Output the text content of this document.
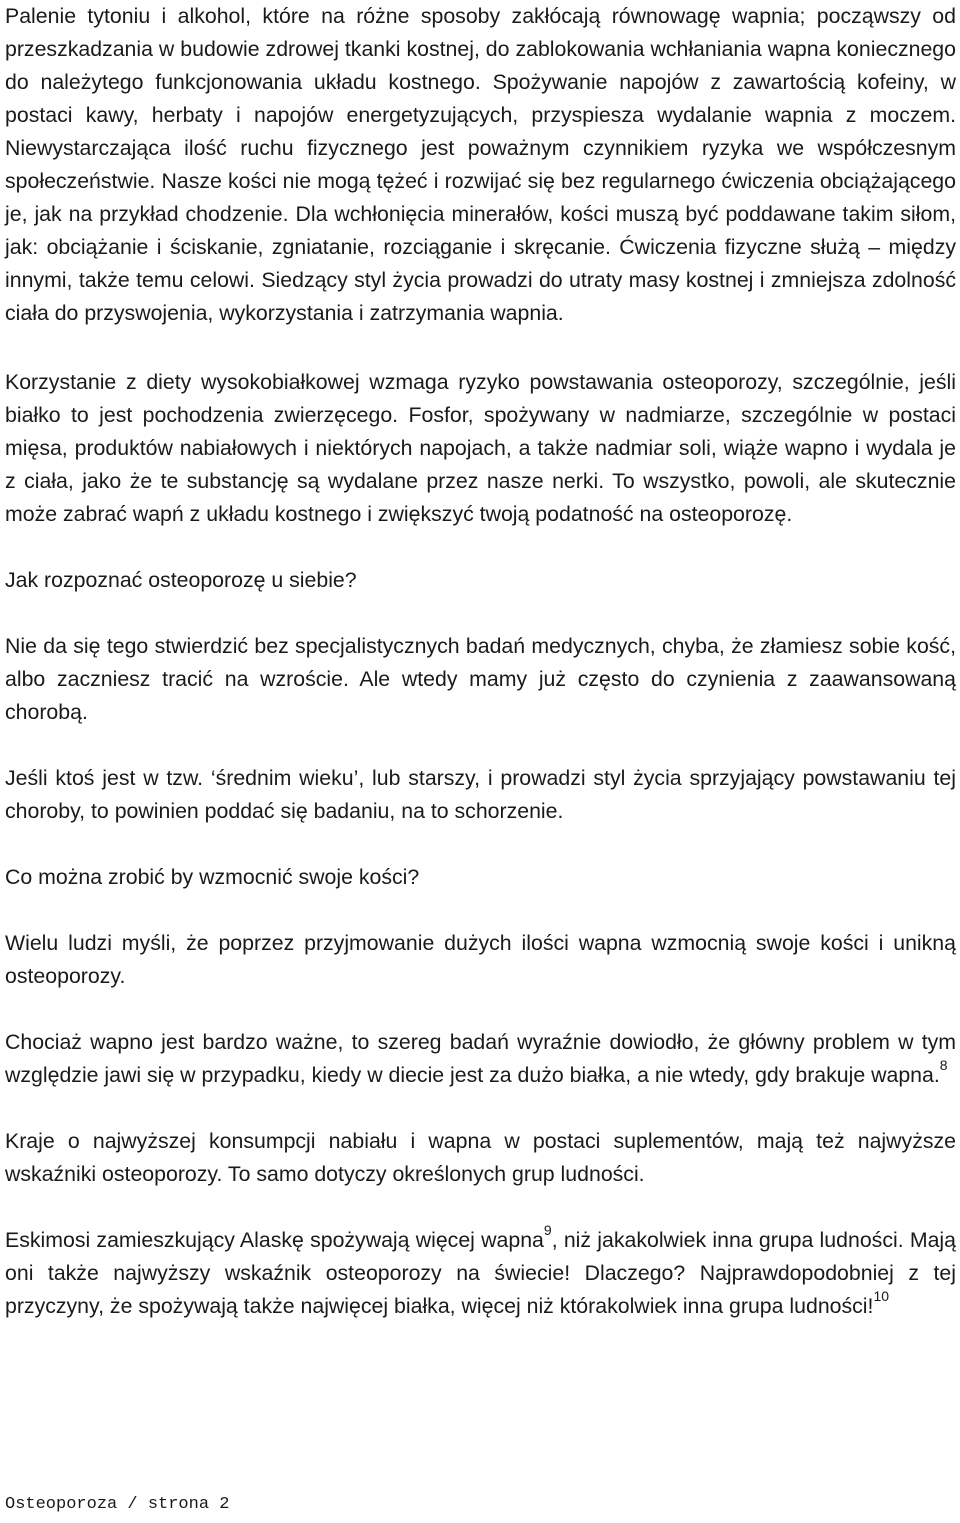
Palenie tytoniu i alkohol, które na różne sposoby zakłócają równowagę wapnia; począwszy od przeszkadzania w budowie zdrowej tkanki kostnej, do zablokowania wchłaniania wapna koniecznego do należytego funkcjonowania układu kostnego. Spożywanie napojów z zawartością kofeiny, w postaci kawy, herbaty i napojów energetyzujących, przyspiesza wydalanie wapnia z moczem. Niewystarczająca ilość ruchu fizycznego jest poważnym czynnikiem ryzyka we współczesnym społeczeństwie. Nasze kości nie mogą tężeć i rozwijać się bez regularnego ćwiczenia obciążającego je, jak na przykład chodzenie. Dla wchłonięcia minerałów, kości muszą być poddawane takim siłom, jak: obciążanie i ściskanie, zgniatanie, rozciąganie i skręcanie. Ćwiczenia fizyczne służą – między innymi, także temu celowi. Siedzący styl życia prowadzi do utraty masy kostnej i zmniejsza zdolność ciała do przyswojenia, wykorzystania i zatrzymania wapnia.

Korzystanie z diety wysokobiałkowej wzmaga ryzyko powstawania osteoporozy, szczególnie, jeśli białko to jest pochodzenia zwierzęcego. Fosfor, spożywany w nadmiarze, szczególnie w postaci mięsa, produktów nabiałowych i niektórych napojach, a także nadmiar soli, wiąże wapno i wydala je z ciała, jako że te substancję są wydalane przez nasze nerki. To wszystko, powoli, ale skutecznie może zabrać wapń z układu kostnego i zwiększyć twoją podatność na osteoporozę.

Jak rozpoznać osteoporozę u siebie?

Nie da się tego stwierdzić bez specjalistycznych badań medycznych, chyba, że złamiesz sobie kość, albo zaczniesz tracić na wzroście. Ale wtedy mamy już często do czynienia z zaawansowaną chorobą.

Jeśli ktoś jest w tzw. ‘średnim wieku’, lub starszy, i prowadzi styl życia sprzyjający powstawaniu tej choroby, to powinien poddać się badaniu, na to schorzenie.

Co można zrobić by wzmocnić swoje kości?

Wielu ludzi myśli, że poprzez przyjmowanie dużych ilości wapna wzmocnią swoje kości i unikną osteoporozy.

Chociaż wapno jest bardzo ważne, to szereg badań wyraźnie dowiodło, że główny problem w tym względzie jawi się w przypadku, kiedy w diecie jest za dużo białka, a nie wtedy, gdy brakuje wapna.$^8$

Kraje o najwyższej konsumpcji nabiału i wapna w postaci suplementów, mają też najwyższe wskaźniki osteoporozy. To samo dotyczy określonych grup ludności.

Eskimosi zamieszkujący Alaskę spożywają więcej wapna$^9$, niż jakakolwiek inna grupa ludności. Mają oni także najwyższy wskaźnik osteoporozy na świecie! Dlaczego? Najprawdopodobniej z tej przyczyny, że spożywają także najwięcej białka, więcej niż którakolwiek inna grupa ludności!$^{10}$

Osteoporoza / strona 2
